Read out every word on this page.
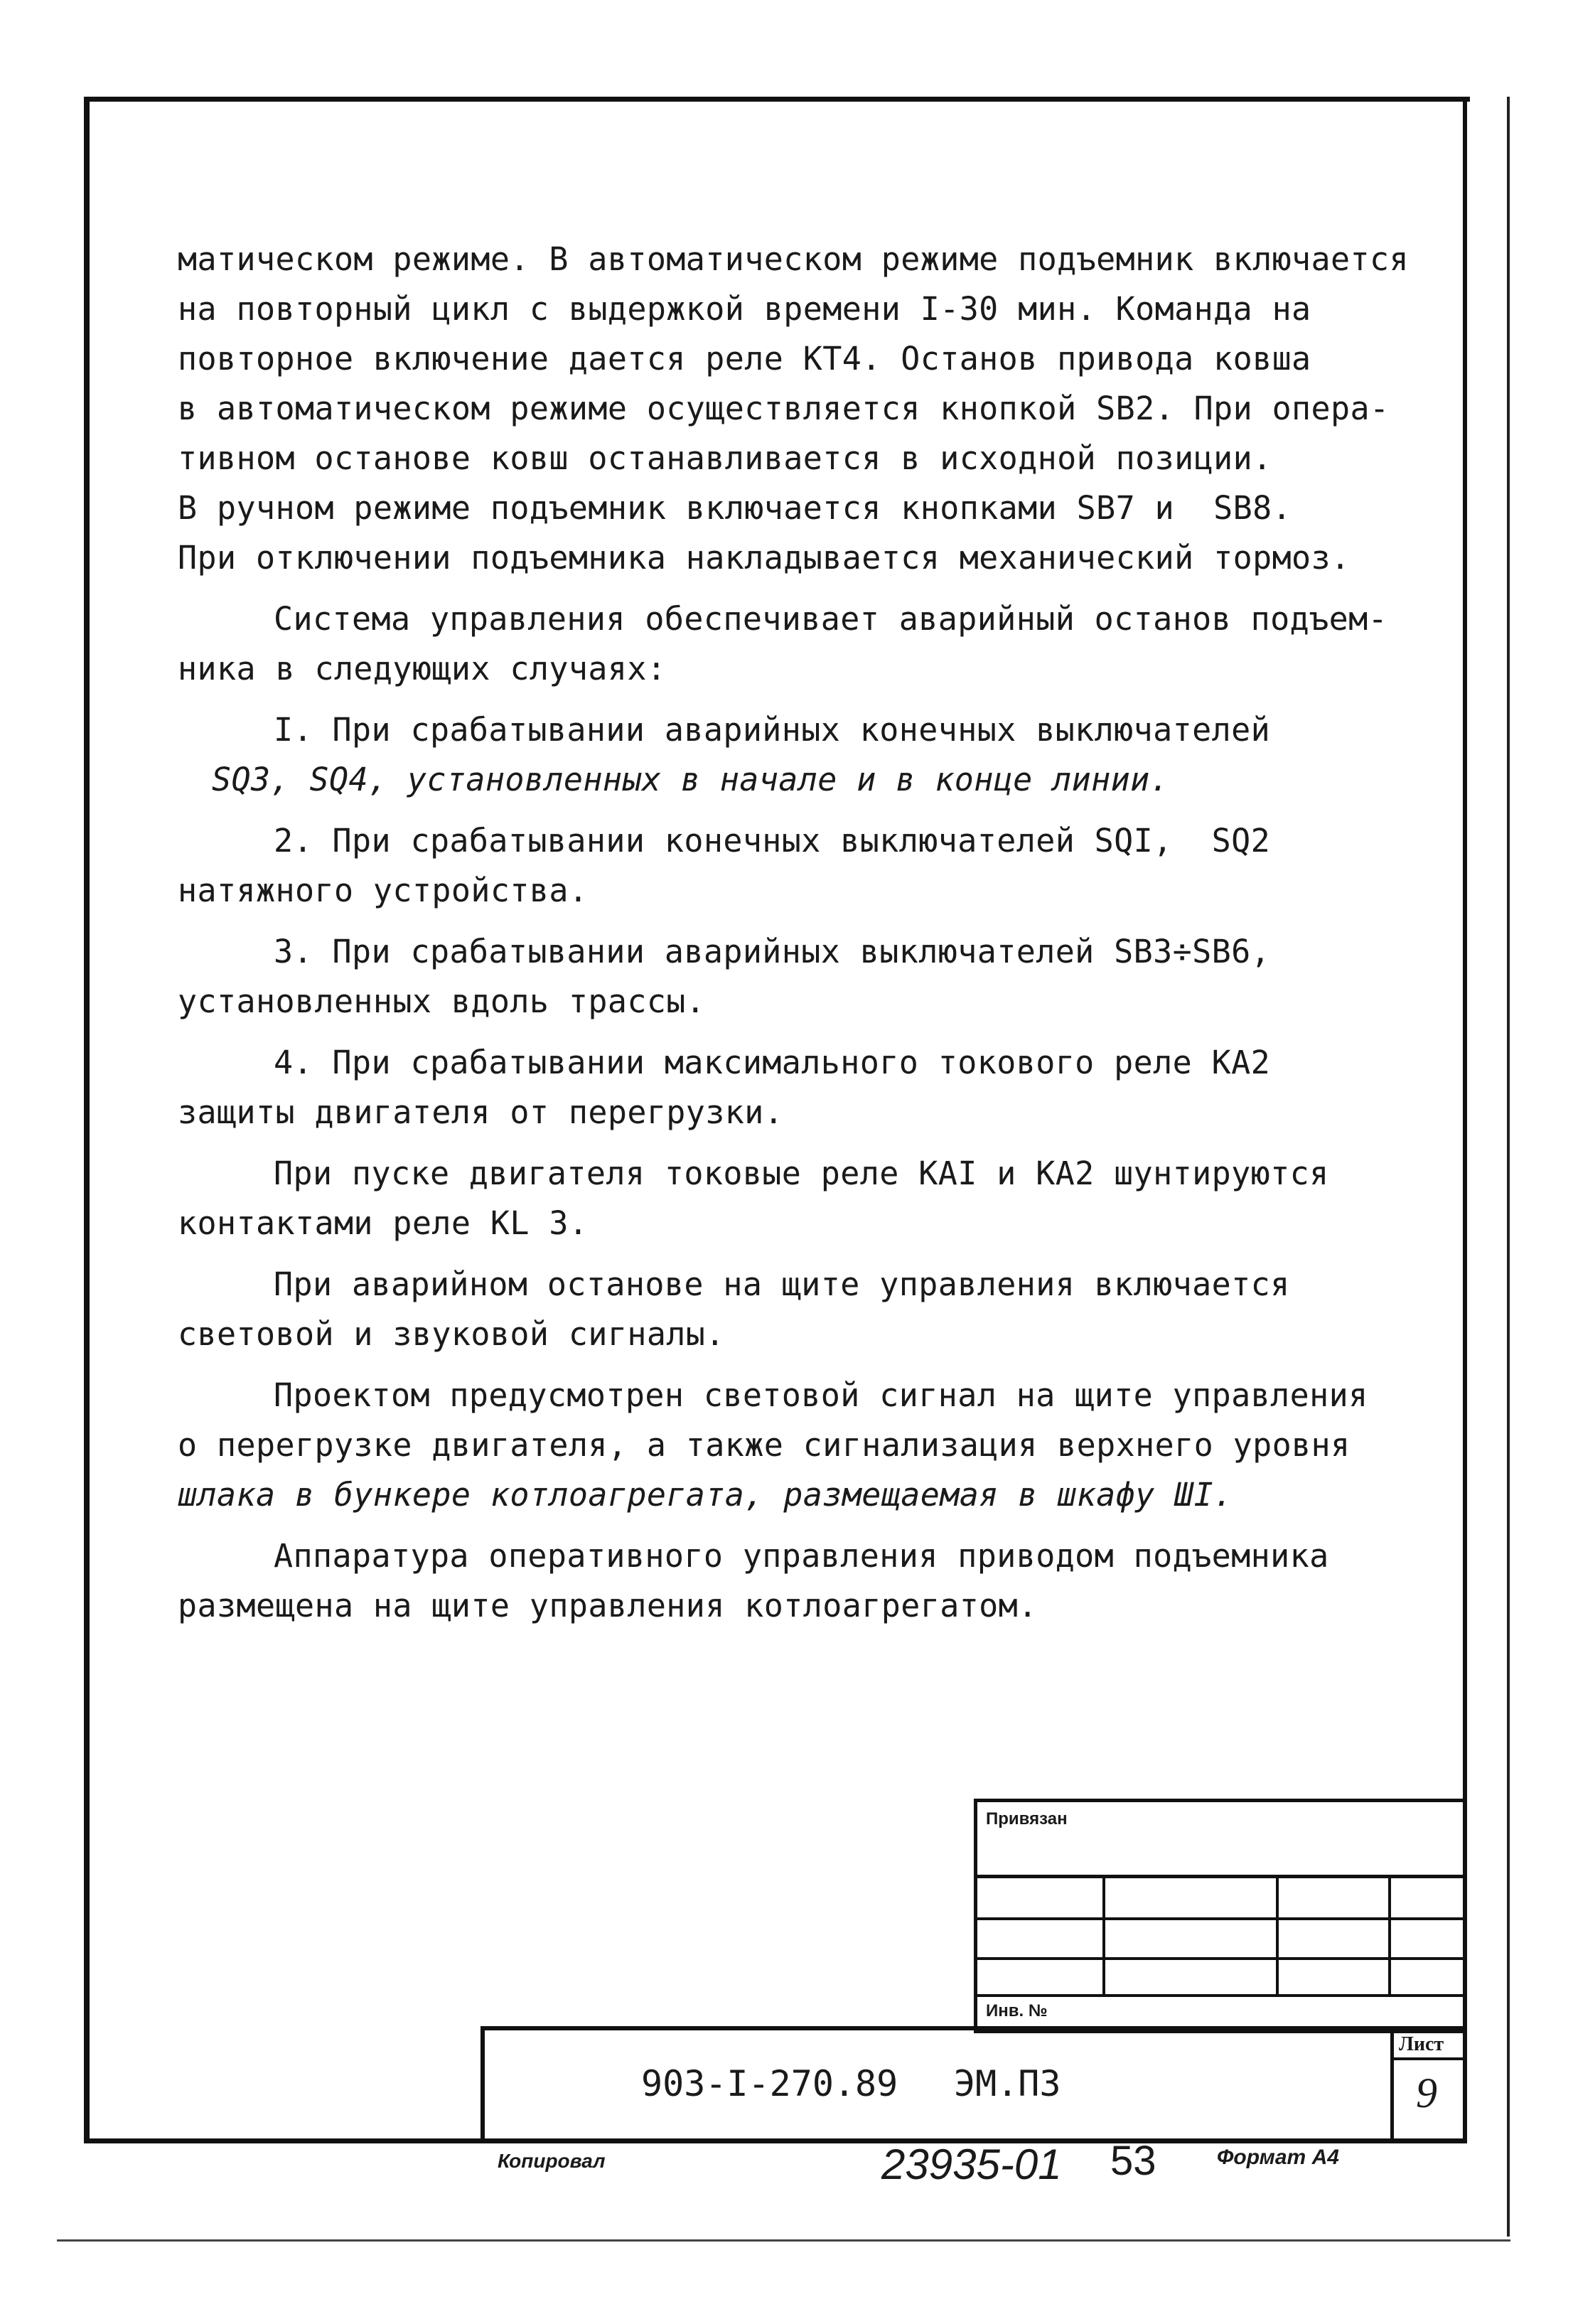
матическом режиме. В автоматическом режиме подъемник включается

на повторный цикл с выдержкой времени I-30 мин. Команда на

повторное включение дается реле КТ4. Останов привода ковша

в автоматическом режиме осуществляется кнопкой SB2. При опера-

тивном останове ковш останавливается в исходной позиции.

В ручном режиме подъемник включается кнопками SB7 и  SB8.

При отключении подъемника накладывается механический тормоз.

Система управления обеспечивает аварийный останов подъем-

ника в следующих случаях:

I. При срабатывании аварийных конечных выключателей

SQ3, SQ4, установленных в начале и в конце линии.

2. При срабатывании конечных выключателей SQI,  SQ2

натяжного устройства.

3. При срабатывании аварийных выключателей SB3÷SB6,

установленных вдоль трассы.

4. При срабатывании максимального токового реле КА2

защиты двигателя от перегрузки.

При пуске двигателя токовые реле КАI и КА2 шунтируются

контактами реле KL 3.

При аварийном останове на щите управления включается

световой и звуковой сигналы.

Проектом предусмотрен световой сигнал на щите управления

о перегрузке двигателя, а также сигнализация верхнего уровня

шлака в бункере котлоагрегата, размещаемая в шкафу ШI.

Аппаратура оперативного управления приводом подъемника

размещена на щите управления котлоагрегатом.

Привязан
Инв. №
903-I-270.89 ЭМ.ПЗ
Лист
9
Копировал	23935-01 53	Формат А4
